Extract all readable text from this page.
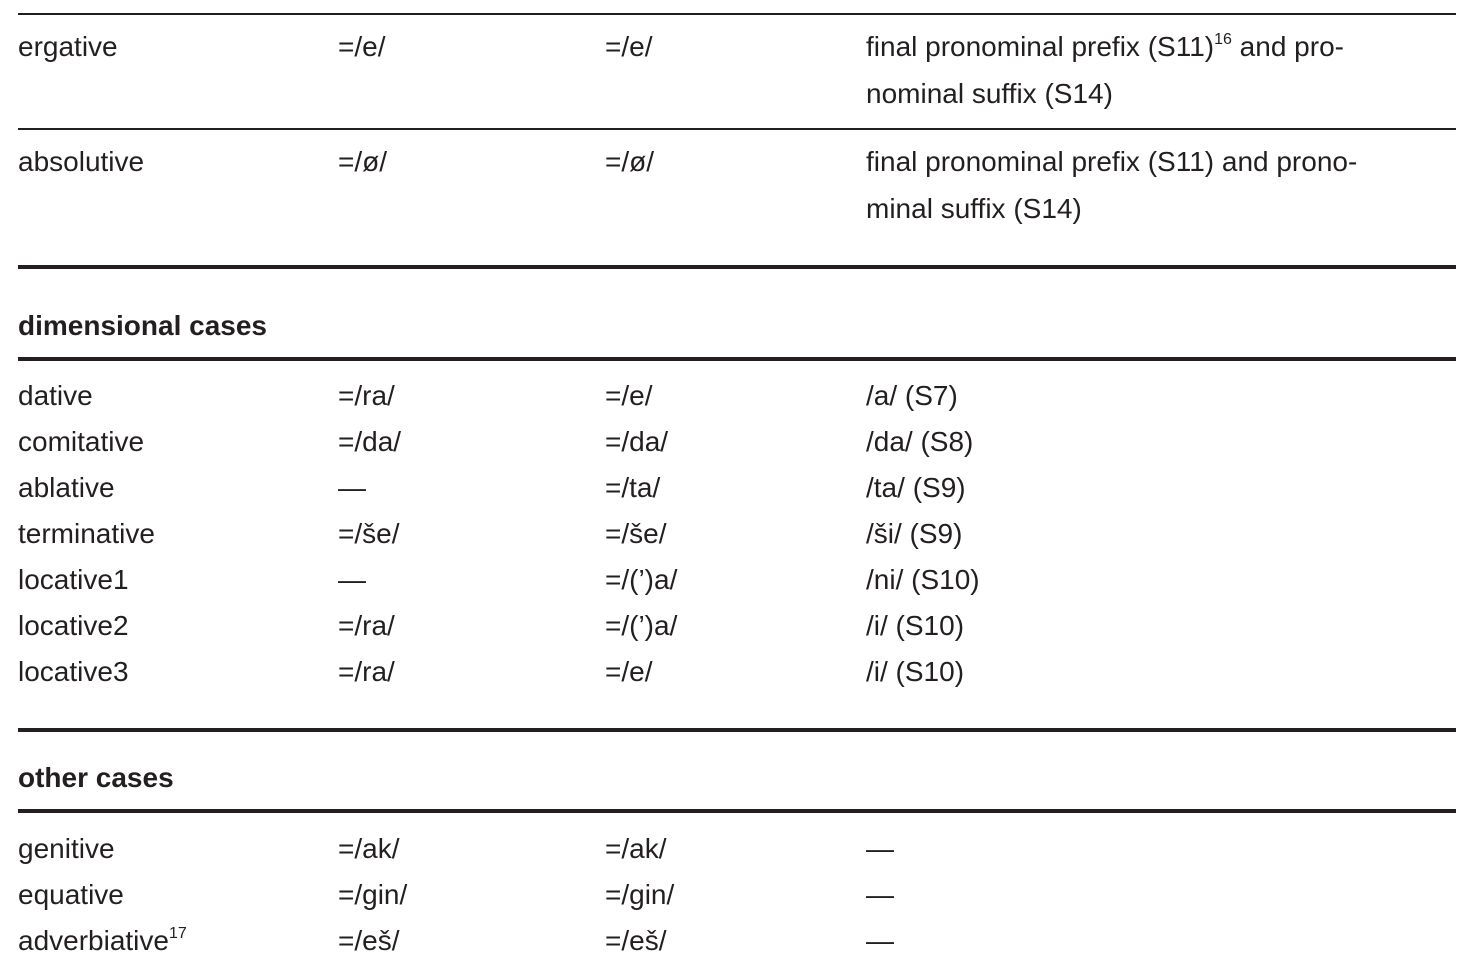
ergative	=/e/	=/e/	final pronominal prefix $(S11)^{16}$ and pro-
nominal suffix (S14)
absolutive	=/ø/	=/ø/	final pronominal prefix (S11) and prono-
minal suffix (S14)
dimensional cases
dative	=/ra/	=/e/	/a/ (S7)
comitative	=/da/	=/da/	/da/ (S8)
ablative	—	=/ta/	/ta/ (S9)
terminative	=/še/	=/še/	/ši/ (S9)
locative1	—	=/(’)a/	/ni/ (S10)
locative2	=/ra/	=/(’)a/	/i/ (S10)
locative3	=/ra/	=/e/	/i/ (S10)
other cases
genitive	=/ak/	=/ak/	—
equative	=/gin/	=/gin/	—
adverbiative$^{17}$	=/eš/	=/eš/	—
